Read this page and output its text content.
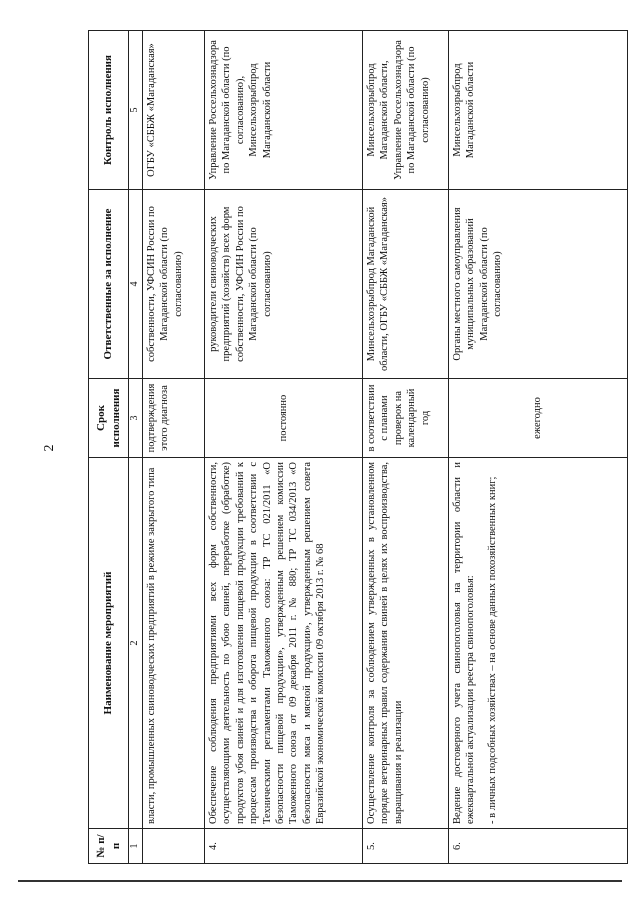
2
№ п/п	Наименование мероприятий	Срок исполнения	Ответственные за исполнение	Контроль исполнения
1	2	3	4	5
	власти, промышленных свиноводческих предприятий в режиме закрытого типа	подтверждения этого диагноза	собственности, УФСИН России по Магаданской области (по согласованию)	ОГБУ «СББЖ «Магаданская»
4.	Обеспечение соблюдения предприятиями всех форм собственности, осуществляющими деятельность по убою свиней, переработке (обработке) продуктов убоя свиней и для изготовления пищевой продукции требований к процессам производства и оборота пищевой продукции в соответствии с Техническими регламентами Таможенного союза: ТР ТС 021/2011 «О безопасности пищевой продукции», утвержденным решением комиссии Таможенного союза от 09 декабря 2011 г. № 880; ТР ТС 034/2013 «О безопасности мяса и мясной продукции», утвержденным решением совета Евразийской экономической комиссии 09 октября 2013 г. № 68	постоянно	руководители свиноводческих предприятий (хозяйств) всех форм собственности, УФСИН России по Магаданской области (по согласованию)	Управление Россельхознадзора по Магаданской области (по согласованию), Минсельхозрыбпрод Магаданской области
5.	Осуществление контроля за соблюдением утвержденных в установленном порядке ветеринарных правил содержания свиней в целях их воспроизводства, выращивания и реализации	в соответствии с планами проверок на календарный год	Минсельхозрыбпрод Магаданской области, ОГБУ «СББЖ «Магаданская»	Минсельхозрыбпрод Магаданской области, Управление Россельхознадзора по Магаданской области (по согласованию)
6.	Ведение достоверного учета свинопоголовья на территории области и ежеквартальной актуализации реестра свинопоголовья: - в личных подсобных хозяйствах – на основе данных похозяйственных книг;	ежегодно	Органы местного самоуправления муниципальных образований Магаданской области (по согласованию)	Минсельхозрыбпрод Магаданской области
